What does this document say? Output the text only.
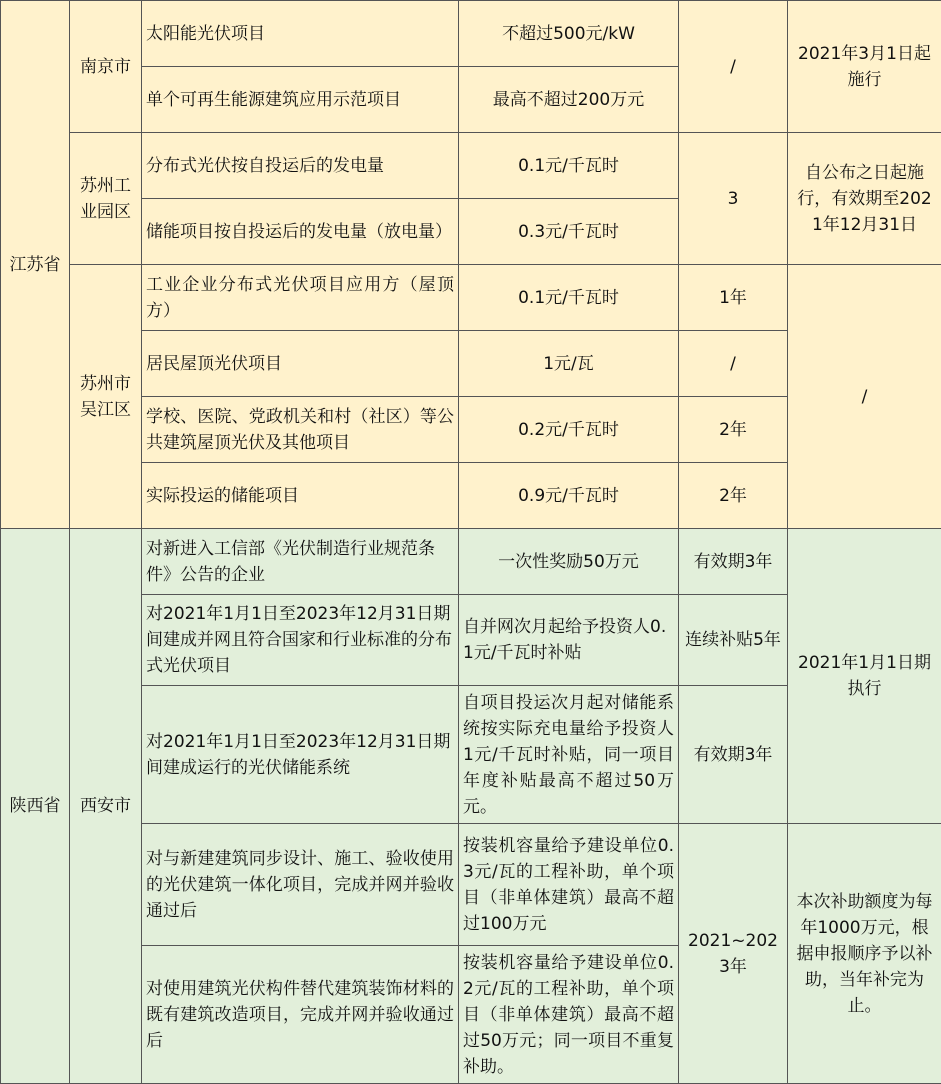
江苏省	南京市	太阳能光伏项目	不超过500元/kW	/	2021年3月1日起施行
		单个可再生能源建筑应用示范项目	最高不超过200万元		
	苏州工业园区	分布式光伏按自投运后的发电量	0.1元/千瓦时	3	自公布之日起施行，有效期至2021年12月31日
		储能项目按自投运后的发电量（放电量）	0.3元/千瓦时		
	苏州市吴江区	工业企业分布式光伏项目应用方（屋顶方）	0.1元/千瓦时	1年	/
		居民屋顶光伏项目	1元/瓦	/	
		学校、医院、党政机关和村（社区）等公共建筑屋顶光伏及其他项目	0.2元/千瓦时	2年	
		实际投运的储能项目	0.9元/千瓦时	2年	
陕西省	西安市	对新进入工信部《光伏制造行业规范条件》公告的企业	一次性奖励50万元	有效期3年	2021年1月1日期执行
		对2021年1月1日至2023年12月31日期间建成并网且符合国家和行业标准的分布式光伏项目	自并网次月起给予投资人0.1元/千瓦时补贴	连续补贴5年	
		对2021年1月1日至2023年12月31日期间建成运行的光伏储能系统	自项目投运次月起对储能系统按实际充电量给予投资人1元/千瓦时补贴，同一项目年度补贴最高不超过50万元。	有效期3年	
		对与新建建筑同步设计、施工、验收使用的光伏建筑一体化项目，完成并网并验收通过后	按装机容量给予建设单位0.3元/瓦的工程补助，单个项目（非单体建筑）最高不超过100万元	2021~2023年	本次补助额度为每年1000万元，根据申报顺序予以补助，当年补完为止。
		对使用建筑光伏构件替代建筑装饰材料的既有建筑改造项目，完成并网并验收通过后	按装机容量给予建设单位0.2元/瓦的工程补助，单个项目（非单体建筑）最高不超过50万元；同一项目不重复补助。		
